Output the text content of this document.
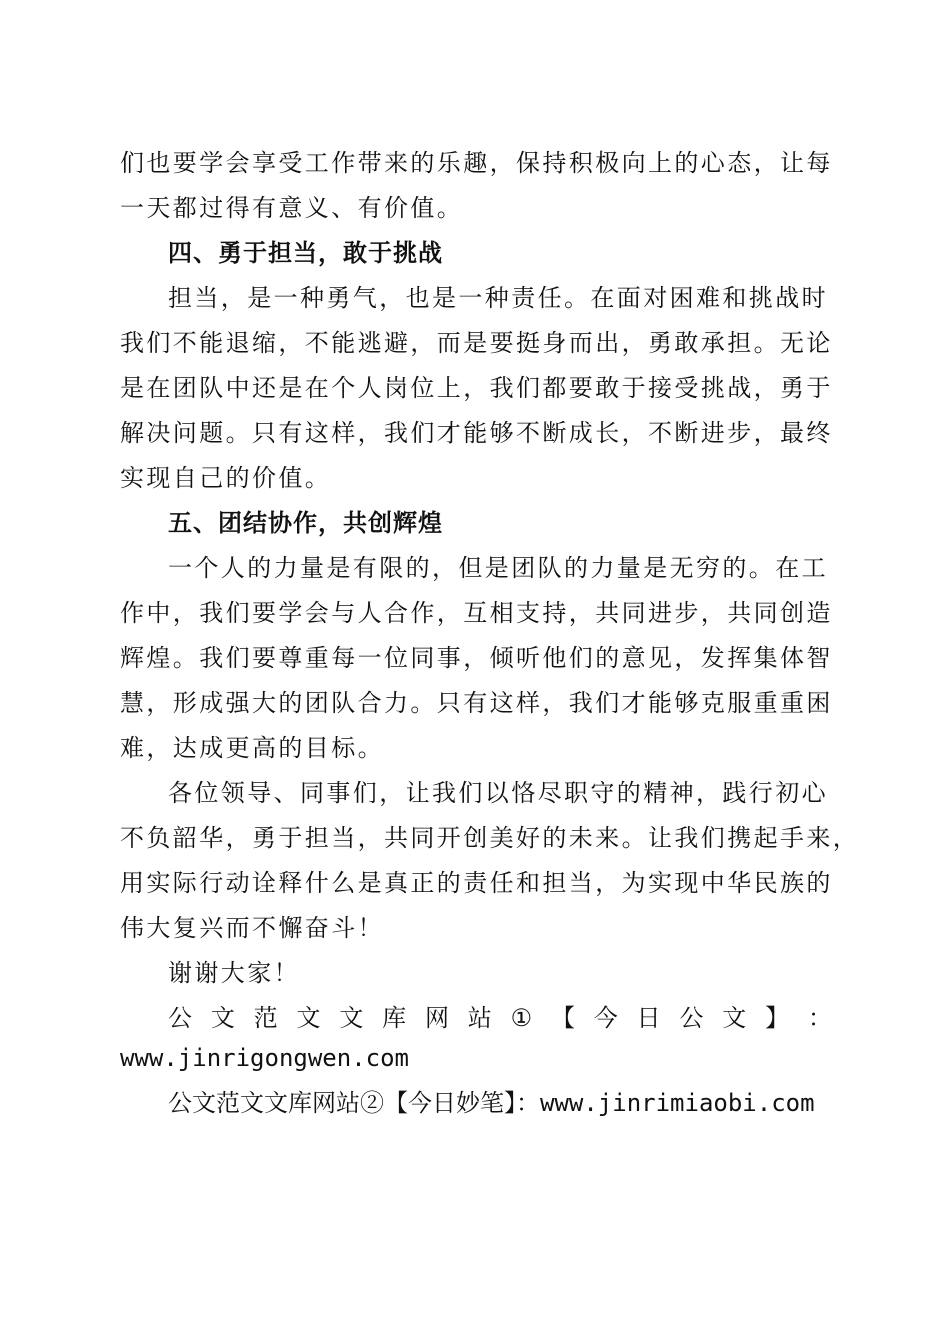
们也要学会享受工作带来的乐趣，保持积极向上的心态，让每
一天都过得有意义、有价值。
四、勇于担当，敢于挑战
担当，是一种勇气，也是一种责任。在面对困难和挑战时
我们不能退缩，不能逃避，而是要挺身而出，勇敢承担。无论
是在团队中还是在个人岗位上，我们都要敢于接受挑战，勇于
解决问题。只有这样，我们才能够不断成长，不断进步，最终
实现自己的价值。
五、团结协作，共创辉煌
一个人的力量是有限的，但是团队的力量是无穷的。在工
作中，我们要学会与人合作，互相支持，共同进步，共同创造
辉煌。我们要尊重每一位同事，倾听他们的意见，发挥集体智
慧，形成强大的团队合力。只有这样，我们才能够克服重重困
难，达成更高的目标。
各位领导、同事们，让我们以恪尽职守的精神，践行初心
不负韶华，勇于担当，共同开创美好的未来。让我们携起手来，
用实际行动诠释什么是真正的责任和担当，为实现中华民族的
伟大复兴而不懈奋斗！
谢谢大家！
公 文 范 文 文 库 网 站 ① 【 今 日 公 文 】 ：
www.jinrigongwen.com
公文范文文库网站②【今日妙笔】：www.jinrimiaobi.com
